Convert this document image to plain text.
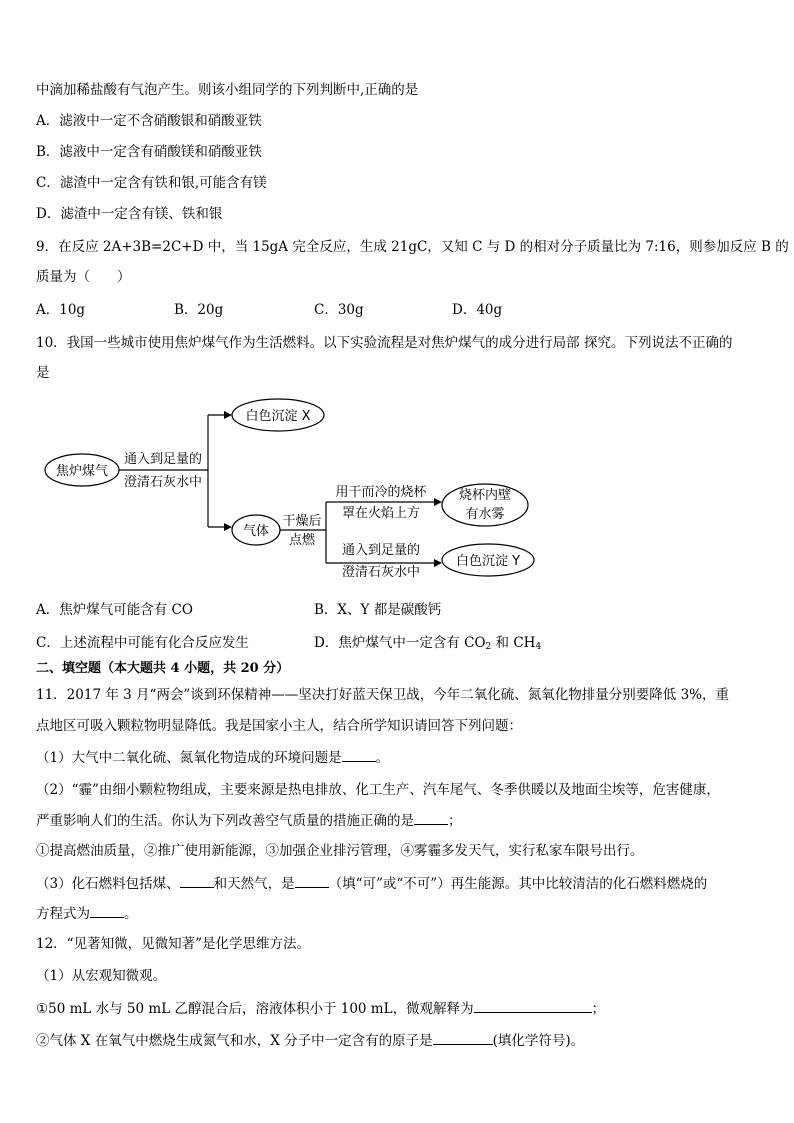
中滴加稀盐酸有气泡产生。则该小组同学的下列判断中,正确的是
A．滤液中一定不含硝酸银和硝酸亚铁
B．滤液中一定含有硝酸镁和硝酸亚铁
C．滤渣中一定含有铁和银,可能含有镁
D．滤渣中一定含有镁、铁和银
9．在反应 2A+3B=2C+D 中，当 15gA 完全反应，生成 21gC，又知 C 与 D 的相对分子质量比为 7:16，则参加反应 B 的
质量为（　　）
A．10g	B．20g	C．30g	D．40g
10．我国一些城市使用焦炉煤气作为生活燃料。以下实验流程是对焦炉煤气的成分进行局部 探究。下列说法不正确的
是
焦炉煤气
通入到足量的
澄清石灰水中
白色沉淀 X
气体
干燥后
点燃
用干而冷的烧杯
罩在火焰上方
通入到足量的
澄清石灰水中
烧杯内壁
有水雾
白色沉淀 Y
A．焦炉煤气可能含有 CO	B．X、Y 都是碳酸钙
C．上述流程中可能有化合反应发生	D．焦炉煤气中一定含有 $CO_2$ 和 $CH_4$
二、填空题（本大题共 4 小题，共 20 分）
11．2017 年 3 月“两会”谈到环保精神——坚决打好蓝天保卫战，今年二氧化硫、氮氧化物排量分别要降低 3%，重
点地区可吸入颗粒物明显降低。我是国家小主人，结合所学知识请回答下列问题：
（1）大气中二氧化硫、氮氧化物造成的环境问题是	。
（2）“霾”由细小颗粒物组成，主要来源是热电排放、化工生产、汽车尾气、冬季供暖以及地面尘埃等，危害健康，
严重影响人们的生活。你认为下列改善空气质量的措施正确的是	；
①提高燃油质量，②推广使用新能源，③加强企业排污管理，④雾霾多发天气，实行私家车限号出行。
（3）化石燃料包括煤、	和天然气，是	（填“可”或“不可”）再生能源。其中比较清洁的化石燃料燃烧的
方程式为	。
12．“见著知微，见微知著”是化学思维方法。
（1）从宏观知微观。
①50 mL 水与 50 mL 乙醇混合后，溶液体积小于 100 mL，微观解释为	；
②气体 X 在氧气中燃烧生成氮气和水，X 分子中一定含有的原子是	(填化学符号)。
